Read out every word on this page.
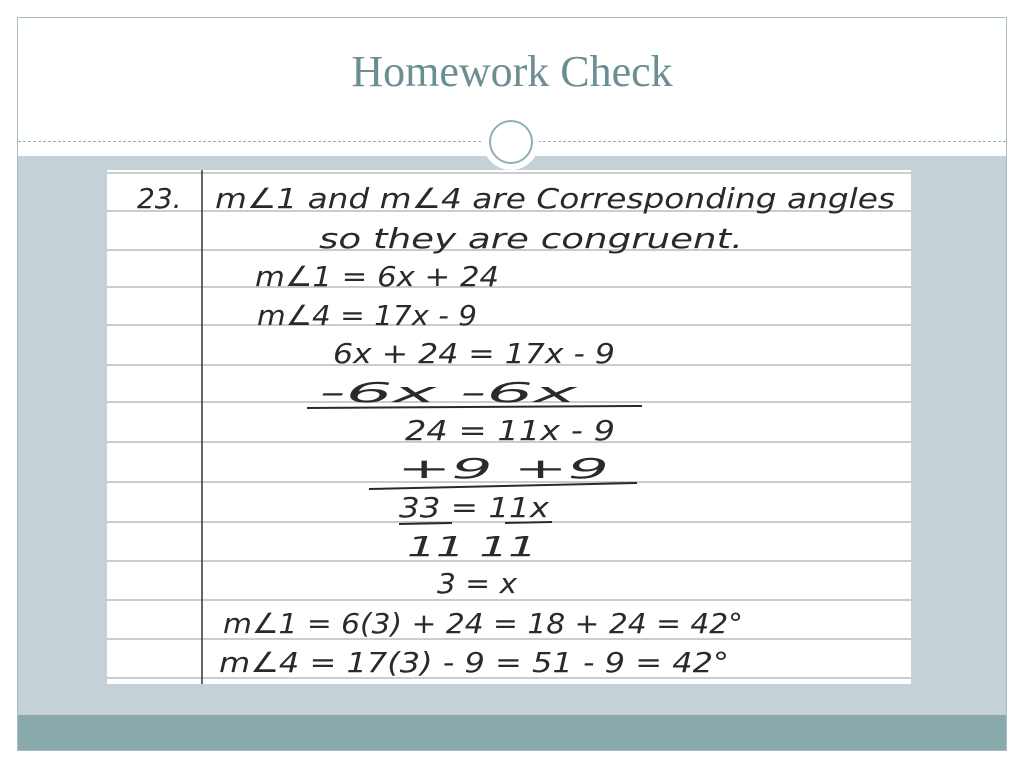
Homework Check
23. m∠1 and m∠4 are Corresponding angles
so they are congruent.
m∠1 = 6x + 24
m∠4 = 17x - 9
6x + 24 = 17x - 9
-6x -6x
24 = 11x - 9
+9 +9
33 = 11x
11 11
3 = x
m∠1 = 6(3) + 24 = 18 + 24 = 42°
m∠4 = 17(3) - 9 = 51 - 9 = 42°
